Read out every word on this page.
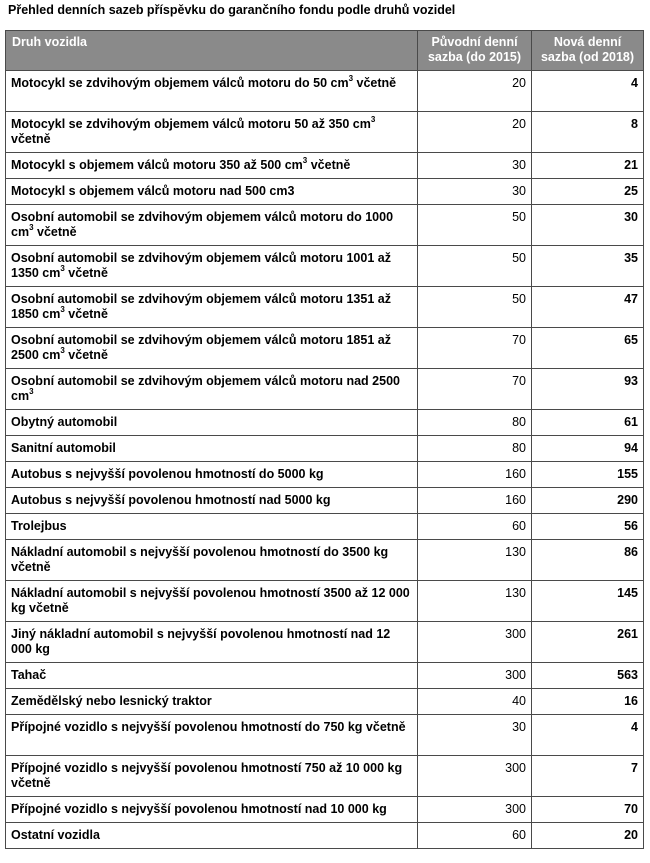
Přehled denních sazeb příspěvku do garančního fondu podle druhů vozidel
Druh vozidla	Původní denní sazba (do 2015)	Nová denní sazba (od 2018)
Motocykl se zdvihovým objemem válců motoru do 50 $cm^3$ včetně	20	4
Motocykl se zdvihovým objemem válců motoru 50 až 350 $cm^3$ včetně	20	8
Motocykl s objemem válců motoru 350 až 500 $cm^3$ včetně	30	21
Motocykl s objemem válců motoru nad 500 cm3	30	25
Osobní automobil se zdvihovým objemem válců motoru do 1000 $cm^3$ včetně	50	30
Osobní automobil se zdvihovým objemem válců motoru 1001 až 1350 $cm^3$ včetně	50	35
Osobní automobil se zdvihovým objemem válců motoru 1351 až 1850 $cm^3$ včetně	50	47
Osobní automobil se zdvihovým objemem válců motoru 1851 až 2500 $cm^3$ včetně	70	65
Osobní automobil se zdvihovým objemem válců motoru nad 2500 $cm^3$	70	93
Obytný automobil	80	61
Sanitní automobil	80	94
Autobus s nejvyšší povolenou hmotností do 5000 kg	160	155
Autobus s nejvyšší povolenou hmotností nad 5000 kg	160	290
Trolejbus	60	56
Nákladní automobil s nejvyšší povolenou hmotností do 3500 kg včetně	130	86
Nákladní automobil s nejvyšší povolenou hmotností 3500 až 12 000 kg včetně	130	145
Jiný nákladní automobil s nejvyšší povolenou hmotností nad 12 000 kg	300	261
Tahač	300	563
Zemědělský nebo lesnický traktor	40	16
Přípojné vozidlo s nejvyšší povolenou hmotností do 750 kg včetně	30	4
Přípojné vozidlo s nejvyšší povolenou hmotností 750 až 10 000 kg včetně	300	7
Přípojné vozidlo s nejvyšší povolenou hmotností nad 10 000 kg	300	70
Ostatní vozidla	60	20
